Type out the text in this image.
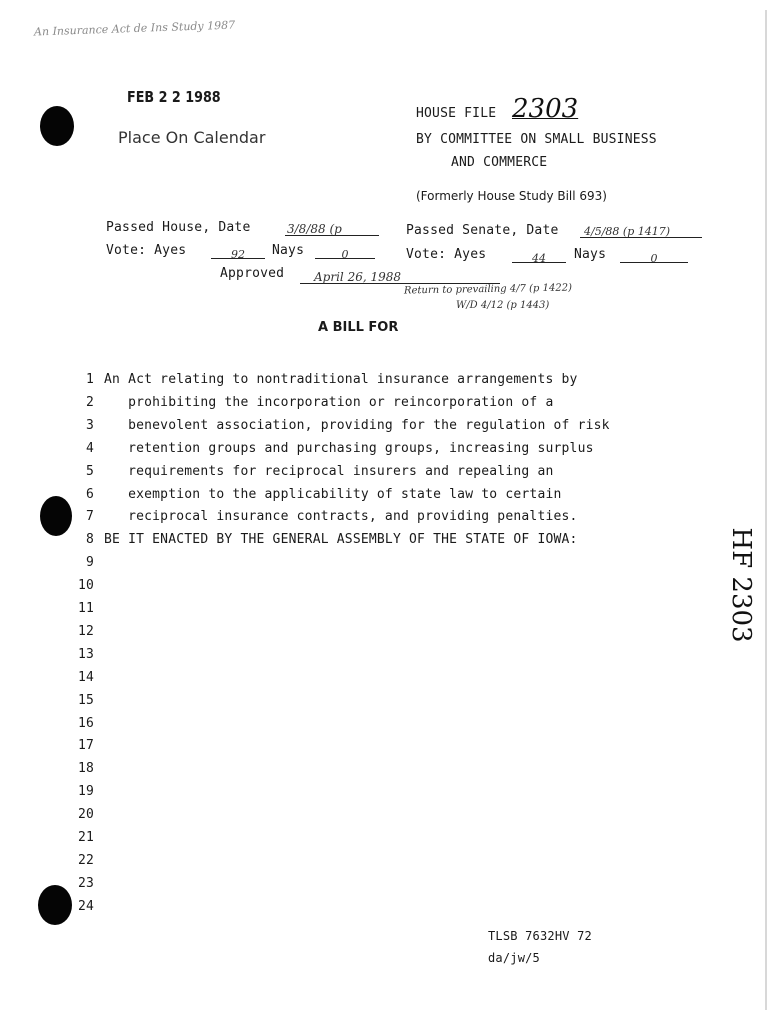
An Insurance Act de Ins Study 1987
FEB 2 2 1988
Place On Calendar
HOUSE FILE 2303
BY COMMITTEE ON SMALL BUSINESS
AND COMMERCE
(Formerly House Study Bill 693)
Passed House, Date	3/8/88 (p
Vote: Ayes	92	Nays	0
Passed Senate, Date	4/5/88 (p 1417)
Vote: Ayes	44	Nays	0
Approved	April 26, 1988
Return to prevailing 4/7 (p 1422)
W/D 4/12 (p 1443)
A BILL FOR
1 An Act relating to nontraditional insurance arrangements by
2 prohibiting the incorporation or reincorporation of a
3 benevolent association, providing for the regulation of risk
4 retention groups and purchasing groups, increasing surplus
5 requirements for reciprocal insurers and repealing an
6 exemption to the applicability of state law to certain
7 reciprocal insurance contracts, and providing penalties.
8 BE IT ENACTED BY THE GENERAL ASSEMBLY OF THE STATE OF IOWA:
9
10
11
12
13
14
15
16
17
18
19
20
21
22
23
24
TLSB 7632HV 72
da/jw/5
HF 2303
